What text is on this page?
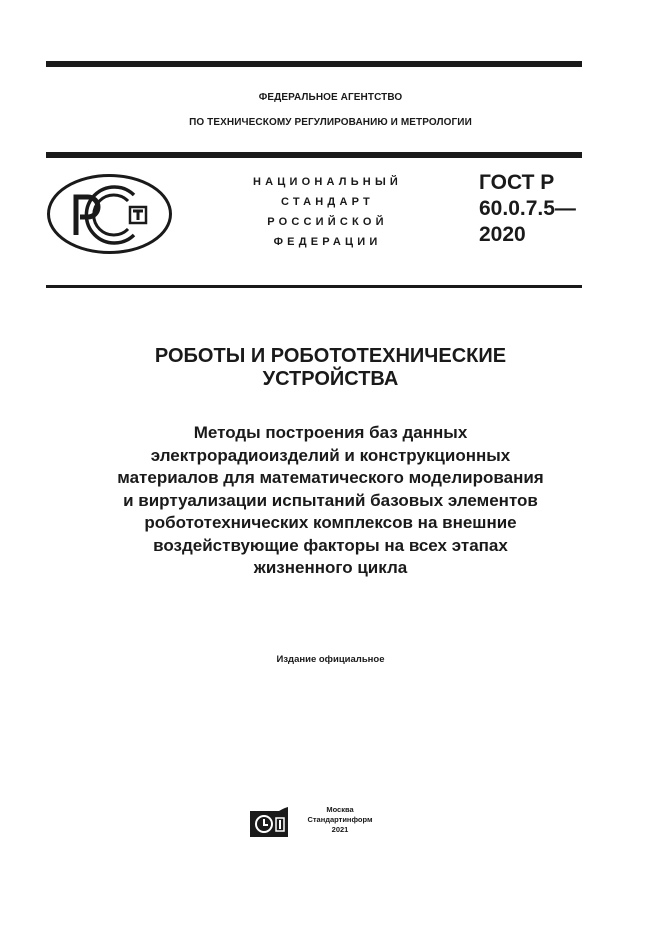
ФЕДЕРАЛЬНОЕ АГЕНТСТВО
ПО ТЕХНИЧЕСКОМУ РЕГУЛИРОВАНИЮ И МЕТРОЛОГИИ
НАЦИОНАЛЬНЫЙ
СТАНДАРТ
РОССИЙСКОЙ
ФЕДЕРАЦИИ
ГОСТ Р
60.0.7.5—
2020
РОБОТЫ И РОБОТОТЕХНИЧЕСКИЕ
УСТРОЙСТВА
Методы построения баз данных
электрорадиоизделий и конструкционных
материалов для математического моделирования
и виртуализации испытаний базовых элементов
робототехнических комплексов на внешние
воздействующие факторы на всех этапах
жизненного цикла
Издание официальное
Москва
Стандартинформ
2021
